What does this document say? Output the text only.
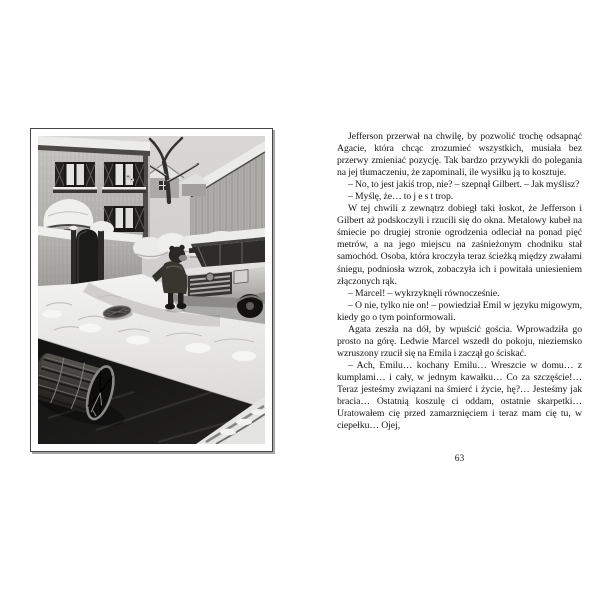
Jefferson przerwał na chwilę, by pozwolić trochę odsapnąć Agacie, która chcąc zrozumieć wszystkich, musiała bez przerwy zmieniać pozycję. Tak bardzo przywykli do polegania na jej tłumaczeniu, że zapominali, ile wysiłku ją to kosztuje.

– No, to jest jakiś trop, nie? – szepnął Gilbert. – Jak myślisz?

– Myślę, że… to j e s t trop.

W tej chwili z zewnątrz dobiegł taki łoskot, że Jefferson i Gilbert aż podskoczyli i rzucili się do okna. Metalowy kubeł na śmiecie po drugiej stronie ogrodzenia odleciał na ponad pięć metrów, a na jego miejscu na zaśnieżonym chodniku stał samochód. Osoba, która kroczyła teraz ścieżką między zwałami śniegu, podniosła wzrok, zobaczyła ich i powitała uniesieniem złączonych rąk.

– Marcel! – wykrzyknęli równocześnie.

– O nie, tylko nie on! – powiedział Emil w języku migowym, kiedy go o tym poinformowali.

Agata zeszła na dół, by wpuścić gościa. Wprowadziła go prosto na górę. Ledwie Marcel wszedł do pokoju, nieziemsko wzruszony rzucił się na Emila i zaczął go ściskać.

– Ach, Emilu… kochany Emilu… Wreszcie w domu… z kumplami… i cały, w jednym kawałku… Co za szczęście!… Teraz jesteśmy związani na śmierć i życie, hę?… Jesteśmy jak bracia… Ostatnią koszulę ci oddam, ostatnie skarpetki… Uratowałem cię przed zamarznięciem i teraz mam cię tu, w ciepełku… Ojej,

63
